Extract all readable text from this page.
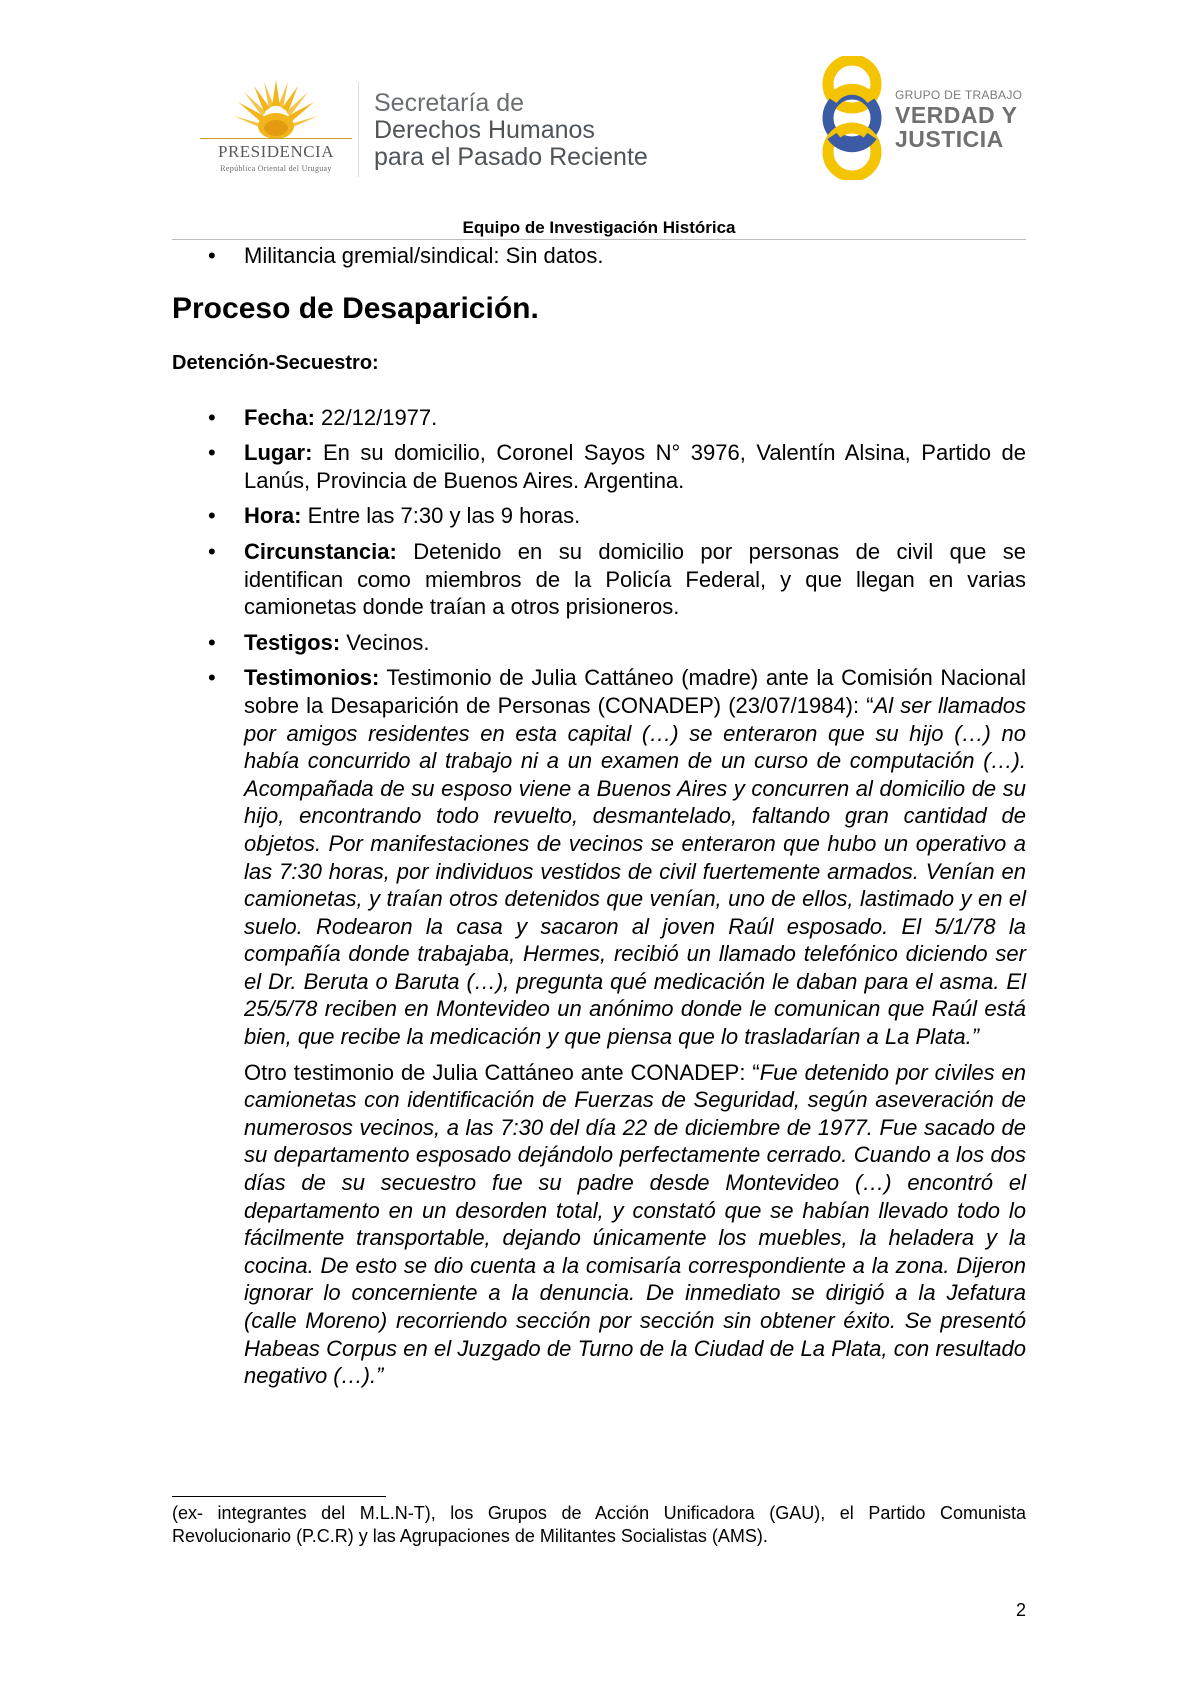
PRESIDENCIA
República Oriental del Uruguay
Secretaría de
Derechos Humanos
para el Pasado Reciente
GRUPO DE TRABAJO
VERDAD Y
JUSTICIA
Equipo de Investigación Histórica
• Militancia gremial/sindical: Sin datos.
Proceso de Desaparición.
Detención-Secuestro:
• Fecha: 22/12/1977.
• Lugar: En su domicilio, Coronel Sayos N° 3976, Valentín Alsina, Partido de Lanús, Provincia de Buenos Aires. Argentina.
• Hora: Entre las 7:30 y las 9 horas.
• Circunstancia: Detenido en su domicilio por personas de civil que se identifican como miembros de la Policía Federal, y que llegan en varias camionetas donde traían a otros prisioneros.
• Testigos: Vecinos.
• Testimonios: Testimonio de Julia Cattáneo (madre) ante la Comisión Nacional sobre la Desaparición de Personas (CONADEP) (23/07/1984): “Al ser llamados por amigos residentes en esta capital (…) se enteraron que su hijo (…) no había concurrido al trabajo ni a un examen de un curso de computación (…). Acompañada de su esposo viene a Buenos Aires y concurren al domicilio de su hijo, encontrando todo revuelto, desmantelado, faltando gran cantidad de objetos. Por manifestaciones de vecinos se enteraron que hubo un operativo a las 7:30 horas, por individuos vestidos de civil fuertemente armados. Venían en camionetas, y traían otros detenidos que venían, uno de ellos, lastimado y en el suelo. Rodearon la casa y sacaron al joven Raúl esposado. El 5/1/78 la compañía donde trabajaba, Hermes, recibió un llamado telefónico diciendo ser el Dr. Beruta o Baruta (…), pregunta qué medicación le daban para el asma. El 25/5/78 reciben en Montevideo un anónimo donde le comunican que Raúl está bien, que recibe la medicación y que piensa que lo trasladarían a La Plata.”
Otro testimonio de Julia Cattáneo ante CONADEP: “Fue detenido por civiles en camionetas con identificación de Fuerzas de Seguridad, según aseveración de numerosos vecinos, a las 7:30 del día 22 de diciembre de 1977. Fue sacado de su departamento esposado dejándolo perfectamente cerrado. Cuando a los dos días de su secuestro fue su padre desde Montevideo (…) encontró el departamento en un desorden total, y constató que se habían llevado todo lo fácilmente transportable, dejando únicamente los muebles, la heladera y la cocina. De esto se dio cuenta a la comisaría correspondiente a la zona. Dijeron ignorar lo concerniente a la denuncia. De inmediato se dirigió a la Jefatura (calle Moreno) recorriendo sección por sección sin obtener éxito. Se presentó Habeas Corpus en el Juzgado de Turno de la Ciudad de La Plata, con resultado negativo (…).”
(ex- integrantes del M.L.N-T), los Grupos de Acción Unificadora (GAU), el Partido Comunista Revolucionario (P.C.R) y las Agrupaciones de Militantes Socialistas (AMS).
2
